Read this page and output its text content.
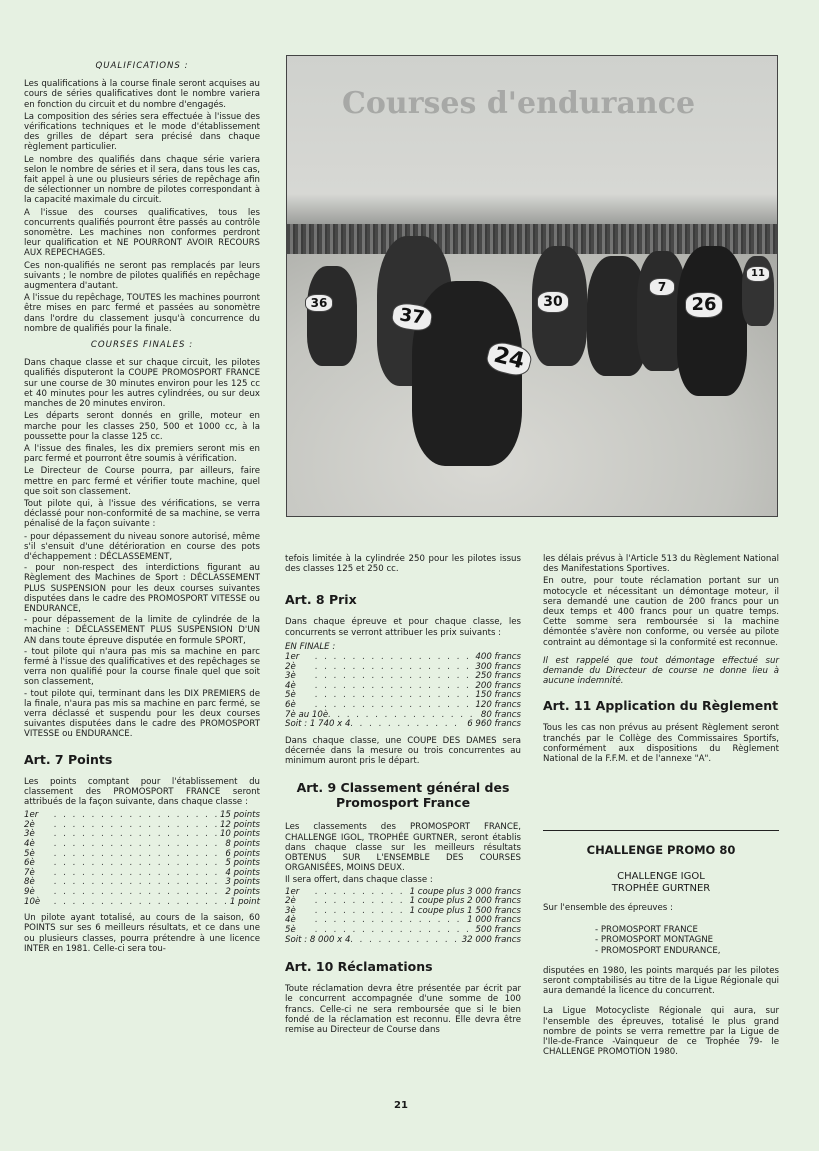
QUALIFICATIONS :

Les qualifications à la course finale seront acquises au cours de séries qualificatives dont le nombre variera en fonction du circuit et du nombre d'engagés.

La composition des séries sera effectuée à l'issue des vérifications techniques et le mode d'établissement des grilles de départ sera précisé dans chaque règlement particulier.

Le nombre des qualifiés dans chaque série variera selon le nombre de séries et il sera, dans tous les cas, fait appel à une ou plusieurs séries de repêchage afin de sélectionner un nombre de pilotes correspondant à la capacité maximale du circuit.

A l'issue des courses qualificatives, tous les concurrents qualifiés pourront être passés au contrôle sonomètre. Les machines non conformes perdront leur qualification et NE POURRONT AVOIR RECOURS AUX REPECHAGES.

Ces non-qualifiés ne seront pas remplacés par leurs suivants ; le nombre de pilotes qualifiés en repêchage augmentera d'autant.

A l'issue du repêchage, TOUTES les machines pourront être mises en parc fermé et passées au sonomètre dans l'ordre du classement jusqu'à concurrence du nombre de qualifiés pour la finale.

COURSES FINALES :

Dans chaque classe et sur chaque circuit, les pilotes qualifiés disputeront la COUPE PROMOSPORT FRANCE sur une course de 30 minutes environ pour les 125 cc et 40 minutes pour les autres cylindrées, ou sur deux manches de 20 minutes environ.

Les départs seront donnés en grille, moteur en marche pour les classes 250, 500 et 1000 cc, à la poussette pour la classe 125 cc.

A l'issue des finales, les dix premiers seront mis en parc fermé et pourront être soumis à vérification.

Le Directeur de Course pourra, par ailleurs, faire mettre en parc fermé et vérifier toute machine, quel que soit son classement.

Tout pilote qui, à l'issue des vérifications, se verra déclassé pour non-conformité de sa machine, se verra pénalisé de la façon suivante :

- pour dépassement du niveau sonore autorisé, même s'il s'ensuit d'une détérioration en course des pots d'échappement : DÉCLASSEMENT,
- pour non-respect des interdictions figurant au Règlement des Machines de Sport : DÉCLASSEMENT PLUS SUSPENSION pour les deux courses suivantes disputées dans le cadre des PROMOSPORT VITESSE ou ENDURANCE,
- pour dépassement de la limite de cylindrée de la machine : DÉCLASSEMENT PLUS SUSPENSION D'UN AN dans toute épreuve disputée en formule SPORT,
- tout pilote qui n'aura pas mis sa machine en parc fermé à l'issue des qualificatives et des repêchages se verra non qualifié pour la course finale quel que soit son classement,
- tout pilote qui, terminant dans les DIX PREMIERS de la finale, n'aura pas mis sa machine en parc fermé, se verra déclassé et suspendu pour les deux courses suivantes disputées dans le cadre des PROMOSPORT VITESSE ou ENDURANCE.
Art. 7 Points

Les points comptant pour l'établissement du classement des PROMOSPORT FRANCE seront attribués de la façon suivante, dans chaque classe :

1er . . .	15 points
2è . . .	12 points
3è . . .	10 points
4è . . .	8 points
5è . . .	6 points
6è . . .	5 points
7è . . .	4 points
8è . . .	3 points
9è . . .	2 points
10è . . .	1 point

Un pilote ayant totalisé, au cours de la saison, 60 POINTS sur ses 6 meilleurs résultats, et ce dans une ou plusieurs classes, pourra prétendre à une licence INTER en 1981. Celle-ci sera tou-

Courses d'endurance
36
37
24
30
7
26
11

tefois limitée à la cylindrée 250 pour les pilotes issus des classes 125 et 250 cc.

Art. 8 Prix

Dans chaque épreuve et pour chaque classe, les concurrents se verront attribuer les prix suivants :

EN FINALE :
1er . . .	400 francs
2è . . .	300 francs
3è . . .	250 francs
4è . . .	200 francs
5è . . .	150 francs
6è . . .	120 francs
7è au 10è . . .	80 francs
Soit : 1 740 x 4 . . .	6 960 francs

Dans chaque classe, une COUPE DES DAMES sera décernée dans la mesure ou trois concurrentes au minimum auront pris le départ.

Art. 9 Classement général des Promosport France

Les classements des PROMOSPORT FRANCE, CHALLENGE IGOL, TROPHÉE GURTNER, seront établis dans chaque classe sur les meilleurs résultats OBTENUS SUR L'ENSEMBLE DES COURSES ORGANISÉES, MOINS DEUX.

Il sera offert, dans chaque classe :

1er . . .	1 coupe plus 3 000 francs
2è . . .	1 coupe plus 2 000 francs
3è . . .	1 coupe plus 1 500 francs
4è . . .	1 000 francs
5è . . .	500 francs
Soit : 8 000 x 4 . . .	32 000 francs
Art. 10 Réclamations

Toute réclamation devra être présentée par écrit par le concurrent accompagnée d'une somme de 100 francs. Celle-ci ne sera remboursée que si le bien fondé de la réclamation est reconnu. Elle devra être remise au Directeur de Course dans

les délais prévus à l'Article 513 du Règlement National des Manifestations Sportives.

En outre, pour toute réclamation portant sur un motocycle et nécessitant un démontage moteur, il sera demandé une caution de 200 francs pour un deux temps et 400 francs pour un quatre temps. Cette somme sera remboursée si la machine démontée s'avère non conforme, ou versée au pilote contraint au démontage si la conformité est reconnue.

Il est rappelé que tout démontage effectué sur demande du Directeur de course ne donne lieu à aucune indemnité.

Art. 11 Application du Règlement

Tous les cas non prévus au présent Règlement seront tranchés par le Collège des Commissaires Sportifs, conformément aux dispositions du Règlement National de la F.F.M. et de l'annexe "A".

CHALLENGE PROMO 80
CHALLENGE IGOL
TROPHÉE GURTNER

Sur l'ensemble des épreuves :

- PROMOSPORT FRANCE
- PROMOSPORT MONTAGNE
- PROMOSPORT ENDURANCE,

disputées en 1980, les points marqués par les pilotes seront comptabilisés au titre de la Ligue Régionale qui aura demandé la licence du concurrent.

La Ligue Motocycliste Régionale qui aura, sur l'ensemble des épreuves, totalisé le plus grand nombre de points se verra remettre par la Ligue de l'Ile-de-France -Vainqueur de ce Trophée 79- le CHALLENGE PROMOTION 1980.

21
